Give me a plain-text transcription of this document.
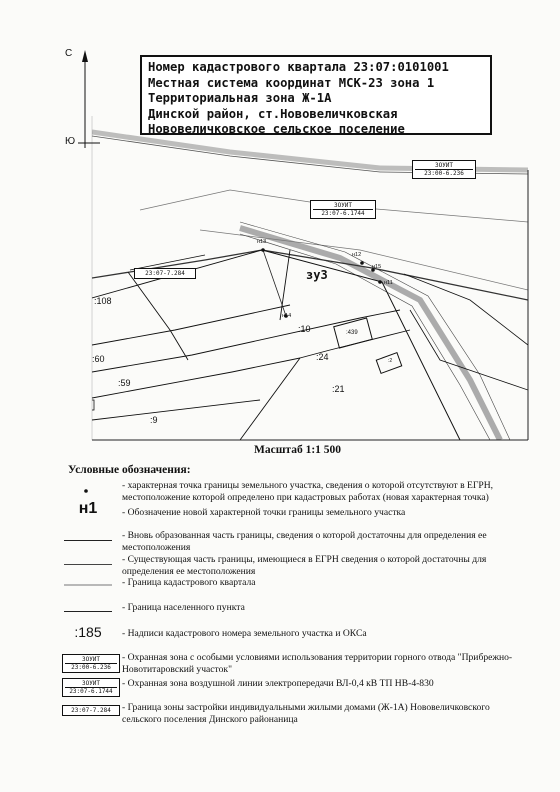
С
Ю
Номер кадастрового квартала 23:07:0101001
Местная система координат МСК-23 зона 1
Территориальная зона Ж-1А
Динской район, ст.Нововеличковская
Нововеличковское сельское поселение
ЗОУИТ
23:00-6.236
ЗОУИТ
23:07-6.1744
23:07-7.284	зу3
н13
н12
н15
н11
н14
:108
:10
:60
:59
:24
:21
:9
:439
:2
Масштаб 1:1 500
Условные обозначения:
- характерная точка границы земельного участка, сведения о которой отсутствуют в ЕГРН, местоположение которой определено при кадастровых работах (новая характерная точка)
н1	- Обозначение новой характерной точки границы земельного участка
- Вновь образованная часть границы, сведения о которой достаточны для определения ее местоположения
- Существующая часть границы, имеющиеся в ЕГРН сведения о которой достаточны для определения ее местоположения
- Граница кадастрового квартала
- Граница населенного пункта
:185	- Надписи кадастрового номера земельного участка и ОКСа
ЗОУИТ
23:00-6.236
- Охранная зона с особыми условиями использования территории горного отвода "Прибрежно-Новотитаровский участок"
ЗОУИТ
23:07-6.1744
- Охранная зона воздушной линии электропередачи ВЛ-0,4 кВ ТП НВ-4-830
23:07-7.284	- Граница зоны застройки индивидуальными жилыми домами (Ж-1А) Нововеличковского сельского поселения Динского районаница
